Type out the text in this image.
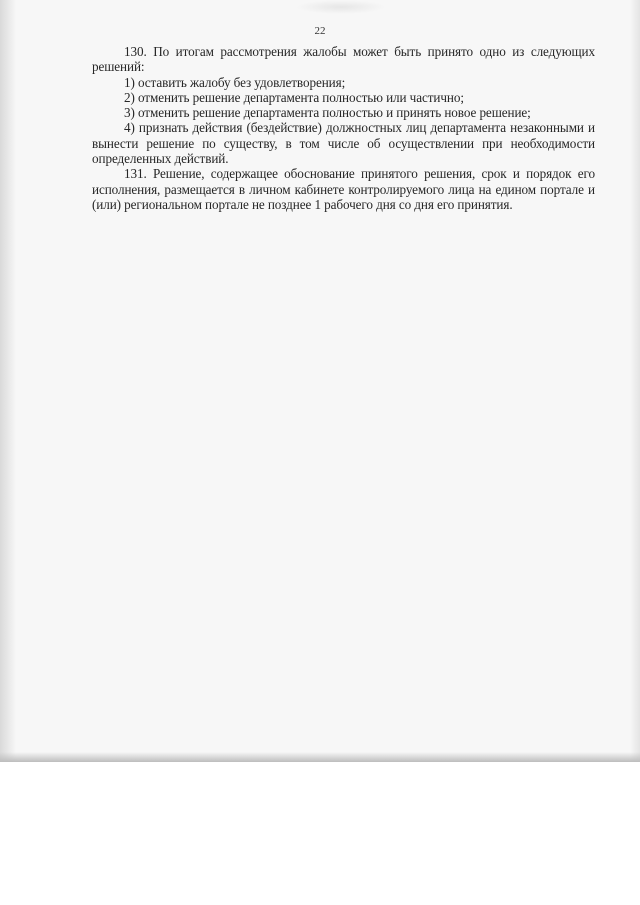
22

130. По итогам рассмотрения жалобы может быть принято одно из следующих решений:

1) оставить жалобу без удовлетворения;

2) отменить решение департамента полностью или частично;

3) отменить решение департамента полностью и принять новое решение;

4) признать действия (бездействие) должностных лиц департамента незаконными и вынести решение по существу, в том числе об осуществлении при необходимости определенных действий.

131. Решение, содержащее обоснование принятого решения, срок и порядок его исполнения, размещается в личном кабинете контролируемого лица на едином портале и (или) региональном портале не позднее 1 рабочего дня со дня его принятия.
